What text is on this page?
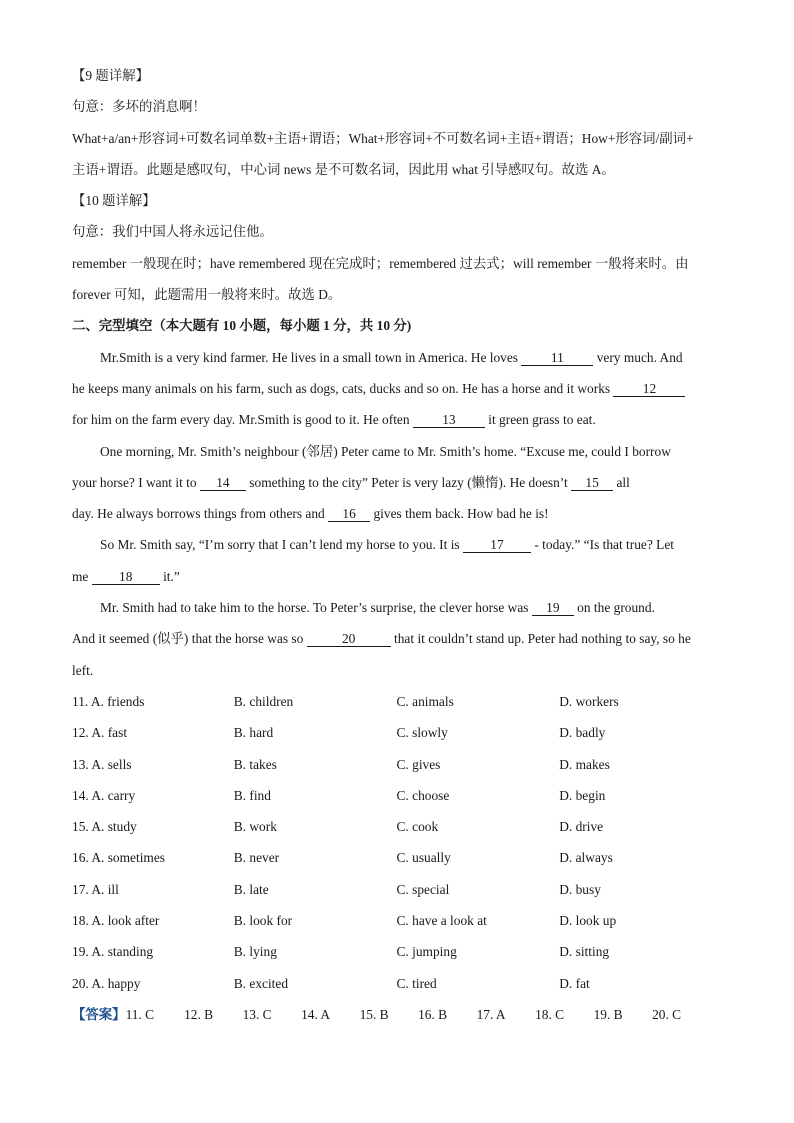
【9 题详解】
句意：多坏的消息啊！
What+a/an+形容词+可数名词单数+主语+谓语；What+形容词+不可数名词+主语+谓语；How+形容词/副词+
主语+谓语。此题是感叹句，中心词 news 是不可数名词，因此用 what 引导感叹句。故选 A。
【10 题详解】
句意：我们中国人将永远记住他。
remember 一般现在时；have remembered 现在完成时；remembered 过去式；will remember 一般将来时。由
forever 可知，此题需用一般将来时。故选 D。
二、完型填空（本大题有 10 小题，每小题 1 分，共 10 分)
Mr.Smith is a very kind farmer. He lives in a small town in America. He loves 11 very much. And
he keeps many animals on his farm, such as dogs, cats, ducks and so on. He has a horse and it works 12
for him on the farm every day. Mr.Smith is good to it. He often 13 it green grass to eat.
One morning, Mr. Smith’s neighbour (邻居) Peter came to Mr. Smith’s home. “Excuse me, could I borrow
your horse? I want it to 14 something to the city” Peter is very lazy (懒惰). He doesn’t 15 all
day. He always borrows things from others and 16 gives them back. How bad he is!
So Mr. Smith say, “I’m sorry that I can’t lend my horse to you. It is 17 - today.” “Is that true? Let
me 18 it.”
Mr. Smith had to take him to the horse. To Peter’s surprise, the clever horse was 19 on the ground.
And it seemed (似乎) that the horse was so	20	that it couldn’t stand up. Peter had nothing to say, so he
left.
11. A. friends	B. children	C. animals	D. workers
12. A. fast	B. hard	C. slowly	D. badly
13. A. sells	B. takes	C. gives	D. makes
14. A. carry	B. find	C. choose	D. begin
15. A. study	B. work	C. cook	D. drive
16. A. sometimes	B. never	C. usually	D. always
17. A. ill	B. late	C. special	D. busy
18. A. look after	B. look for	C. have a look at	D. look up
19. A. standing	B. lying	C. jumping	D. sitting
20. A. happy	B. excited	C. tired	D. fat
【答案】11. C 12. B 13. C 14. A 15. B 16. B 17. A 18. C 19. B 20. C
